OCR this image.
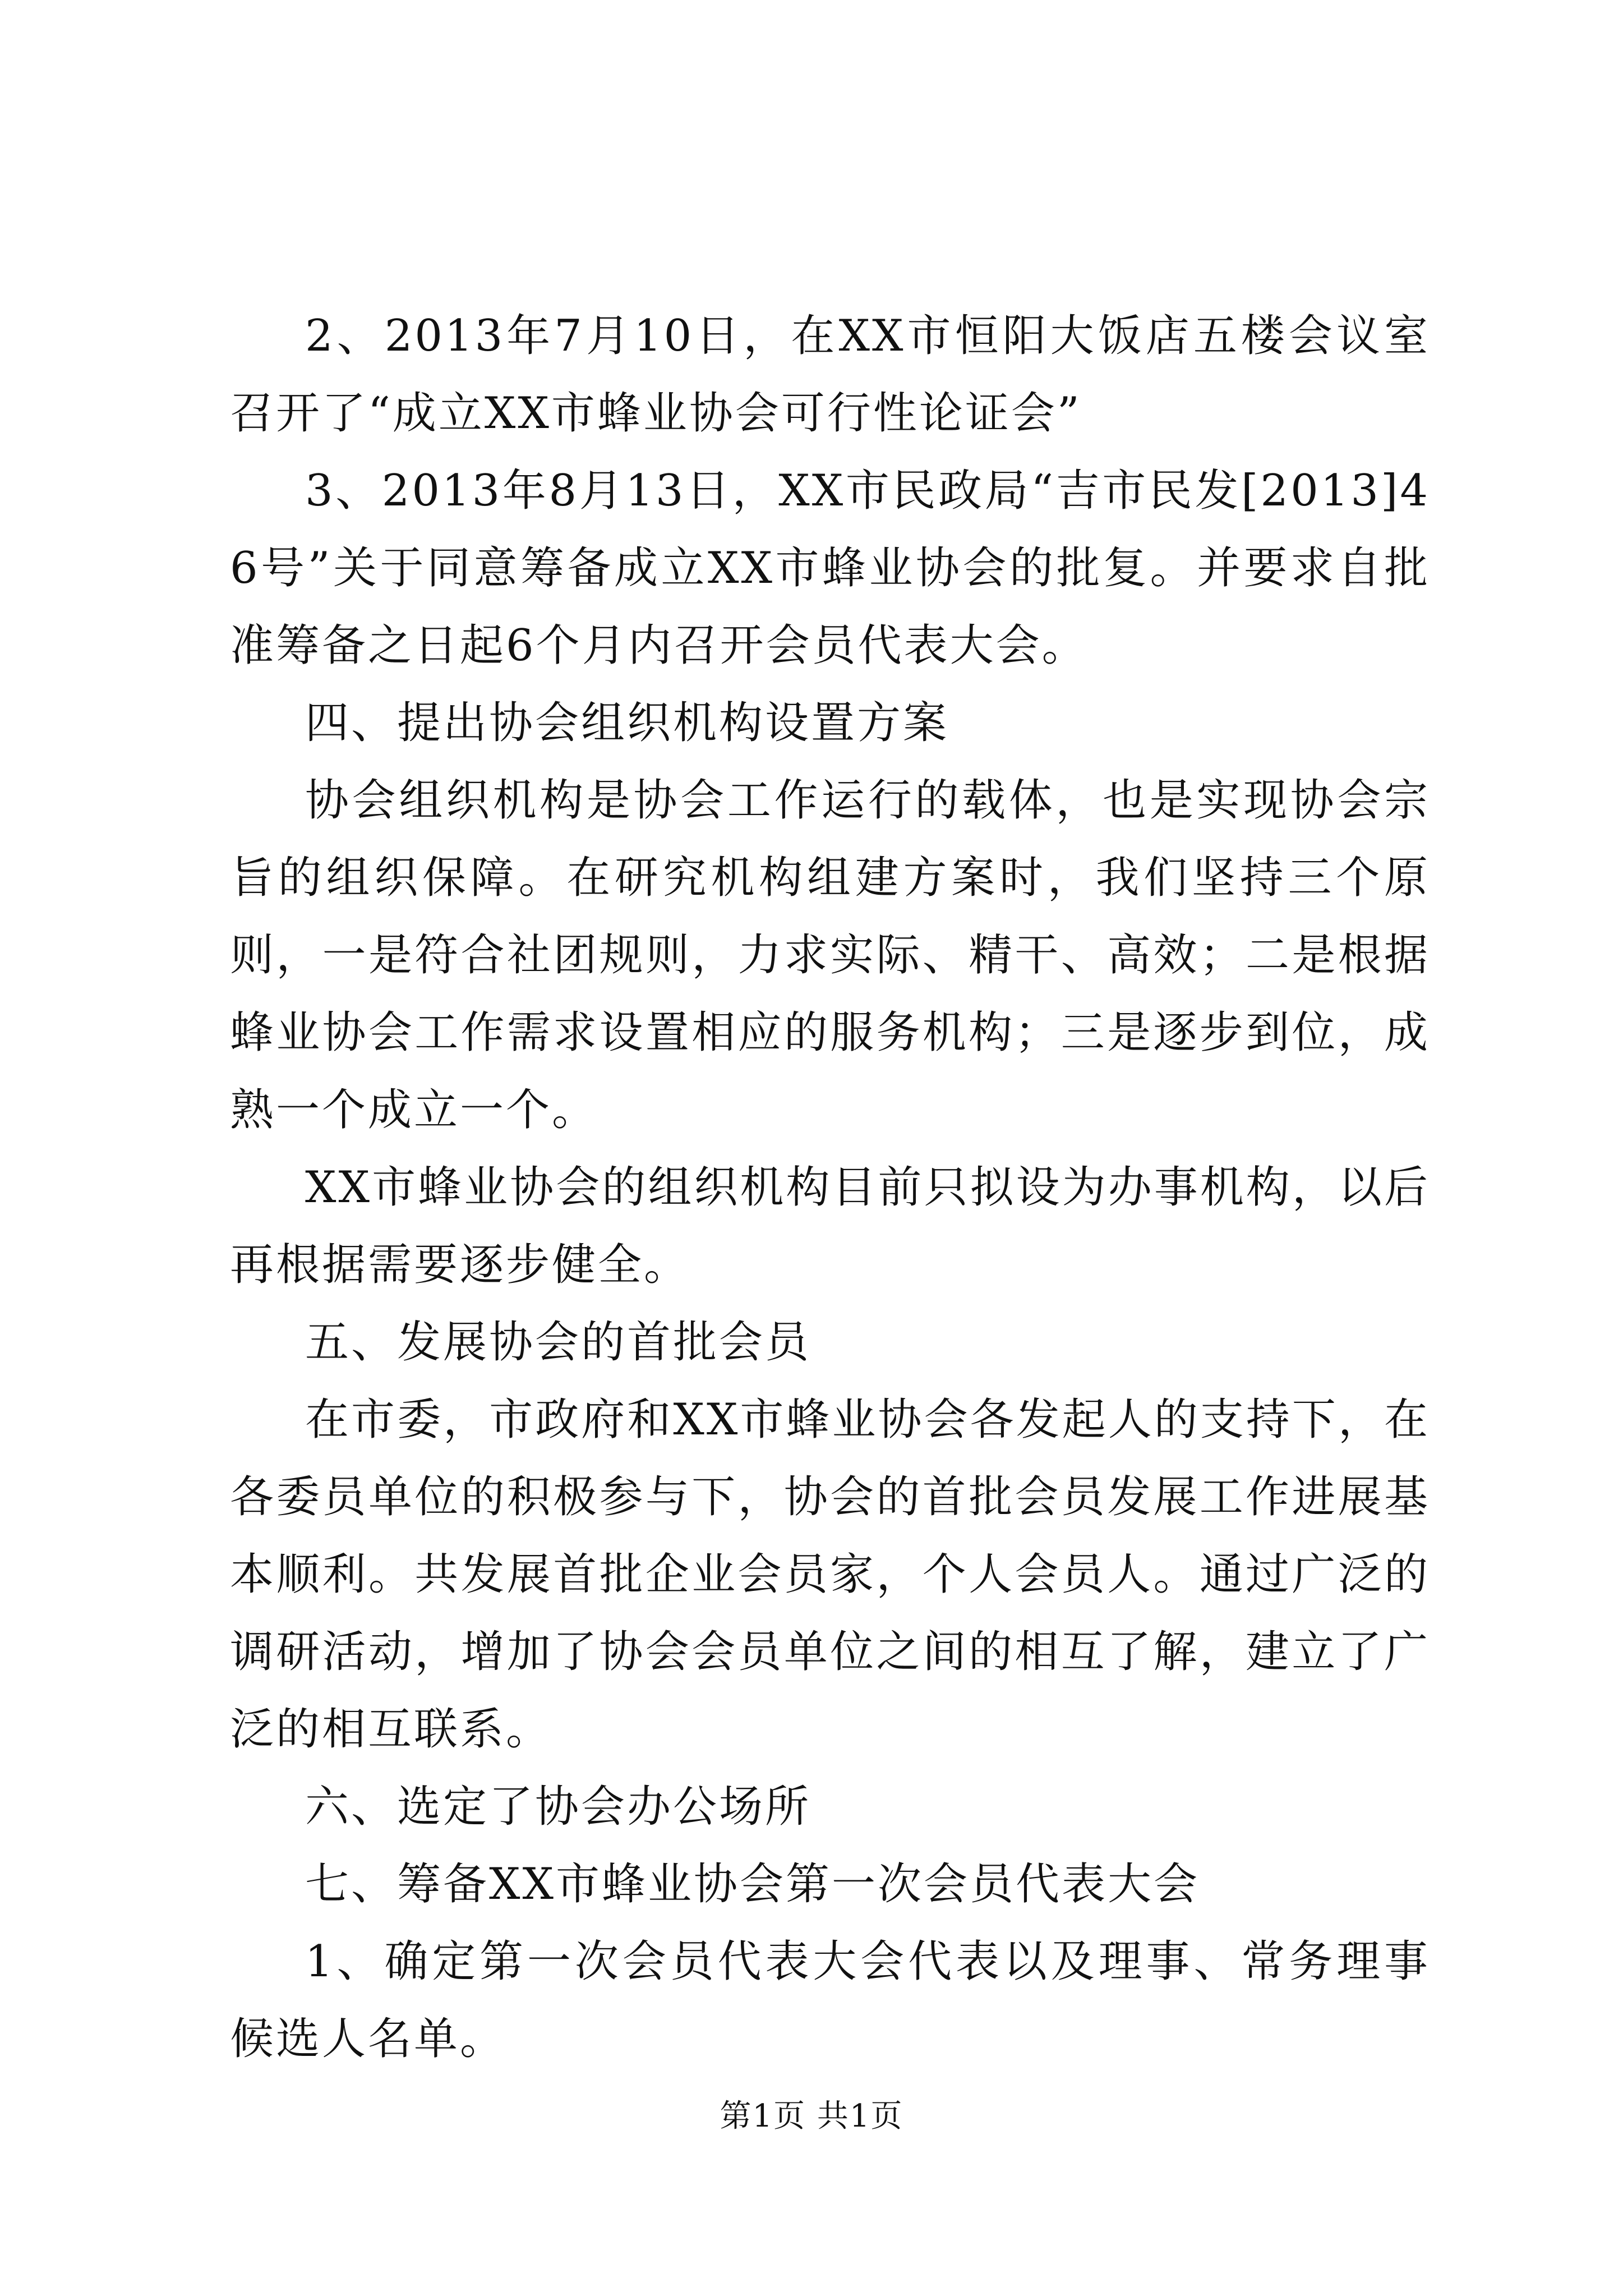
2、2013年7月10日，在XX市恒阳大饭店五楼会议室召开了“成立XX市蜂业协会可行性论证会”

3、2013年8月13日，XX市民政局“吉市民发[2013]46号”关于同意筹备成立XX市蜂业协会的批复。并要求自批准筹备之日起6个月内召开会员代表大会。

四、提出协会组织机构设置方案

协会组织机构是协会工作运行的载体，也是实现协会宗旨的组织保障。在研究机构组建方案时，我们坚持三个原则，一是符合社团规则，力求实际、精干、高效；二是根据蜂业协会工作需求设置相应的服务机构；三是逐步到位，成熟一个成立一个。

XX市蜂业协会的组织机构目前只拟设为办事机构，以后再根据需要逐步健全。

五、发展协会的首批会员

在市委，市政府和XX市蜂业协会各发起人的支持下，在各委员单位的积极参与下，协会的首批会员发展工作进展基本顺利。共发展首批企业会员家，个人会员人。通过广泛的调研活动，增加了协会会员单位之间的相互了解，建立了广泛的相互联系。

六、选定了协会办公场所

七、筹备XX市蜂业协会第一次会员代表大会

1、确定第一次会员代表大会代表以及理事、常务理事候选人名单。

第1页 共1页
